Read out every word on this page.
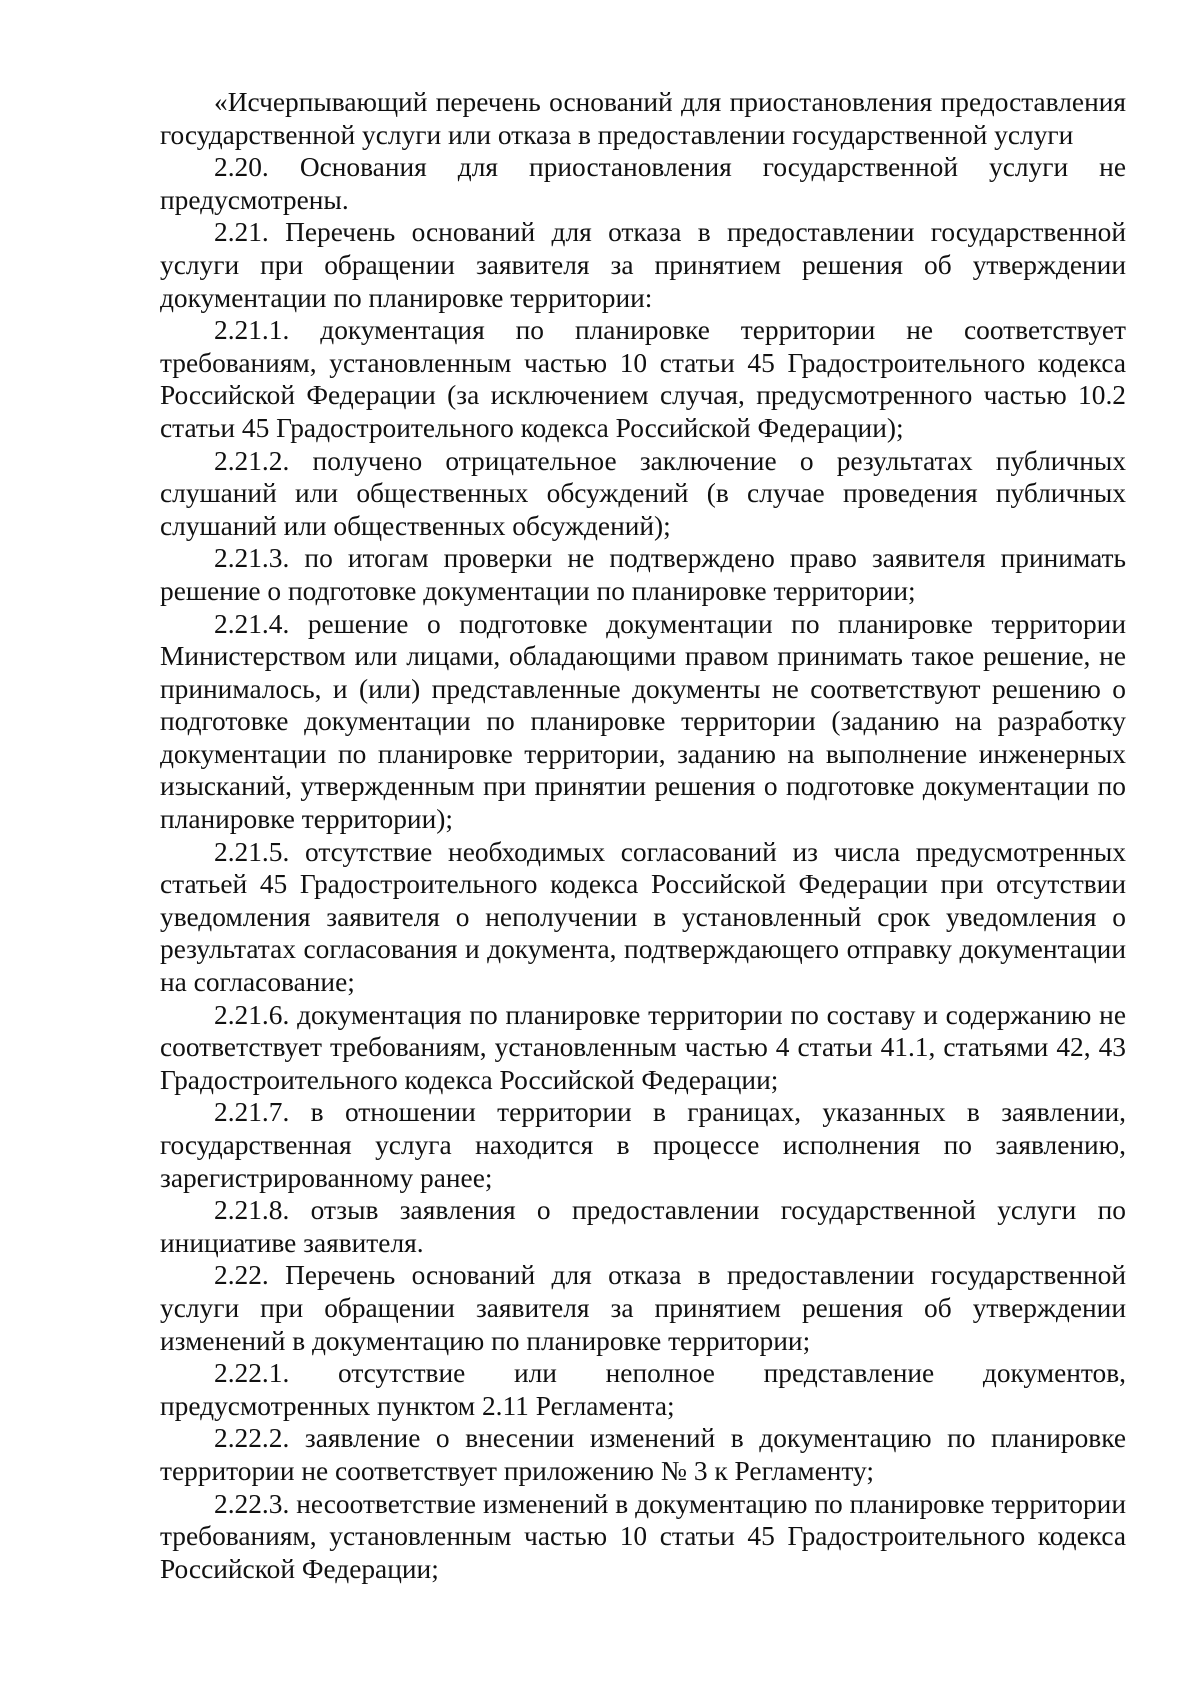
«Исчерпывающий перечень оснований для приостановления предоставления государственной услуги или отказа в предоставлении государственной услуги

2.20. Основания для приостановления государственной услуги не предусмотрены.

2.21. Перечень оснований для отказа в предоставлении государственной услуги при обращении заявителя за принятием решения об утверждении документации по планировке территории:

2.21.1. документация по планировке территории не соответствует требованиям, установленным частью 10 статьи 45 Градостроительного кодекса Российской Федерации (за исключением случая, предусмотренного частью 10.2 статьи 45 Градостроительного кодекса Российской Федерации);

2.21.2. получено отрицательное заключение о результатах публичных слушаний или общественных обсуждений (в случае проведения публичных слушаний или общественных обсуждений);

2.21.3. по итогам проверки не подтверждено право заявителя принимать решение о подготовке документации по планировке территории;

2.21.4. решение о подготовке документации по планировке территории Министерством или лицами, обладающими правом принимать такое решение, не принималось, и (или) представленные документы не соответствуют решению о подготовке документации по планировке территории (заданию на разработку документации по планировке территории, заданию на выполнение инженерных изысканий, утвержденным при принятии решения о подготовке документации по планировке территории);

2.21.5. отсутствие необходимых согласований из числа предусмотренных статьей 45 Градостроительного кодекса Российской Федерации при отсутствии уведомления заявителя о неполучении в установленный срок уведомления о результатах согласования и документа, подтверждающего отправку документации на согласование;

2.21.6. документация по планировке территории по составу и содержанию не соответствует требованиям, установленным частью 4 статьи 41.1, статьями 42, 43 Градостроительного кодекса Российской Федерации;

2.21.7. в отношении территории в границах, указанных в заявлении, государственная услуга находится в процессе исполнения по заявлению, зарегистрированному ранее;

2.21.8. отзыв заявления о предоставлении государственной услуги по инициативе заявителя.

2.22. Перечень оснований для отказа в предоставлении государственной услуги при обращении заявителя за принятием решения об утверждении изменений в документацию по планировке территории;

2.22.1. отсутствие или неполное представление документов, предусмотренных пунктом 2.11 Регламента;

2.22.2. заявление о внесении изменений в документацию по планировке территории не соответствует приложению № 3 к Регламенту;

2.22.3. несоответствие изменений в документацию по планировке территории требованиям, установленным частью 10 статьи 45 Градостроительного кодекса Российской Федерации;
